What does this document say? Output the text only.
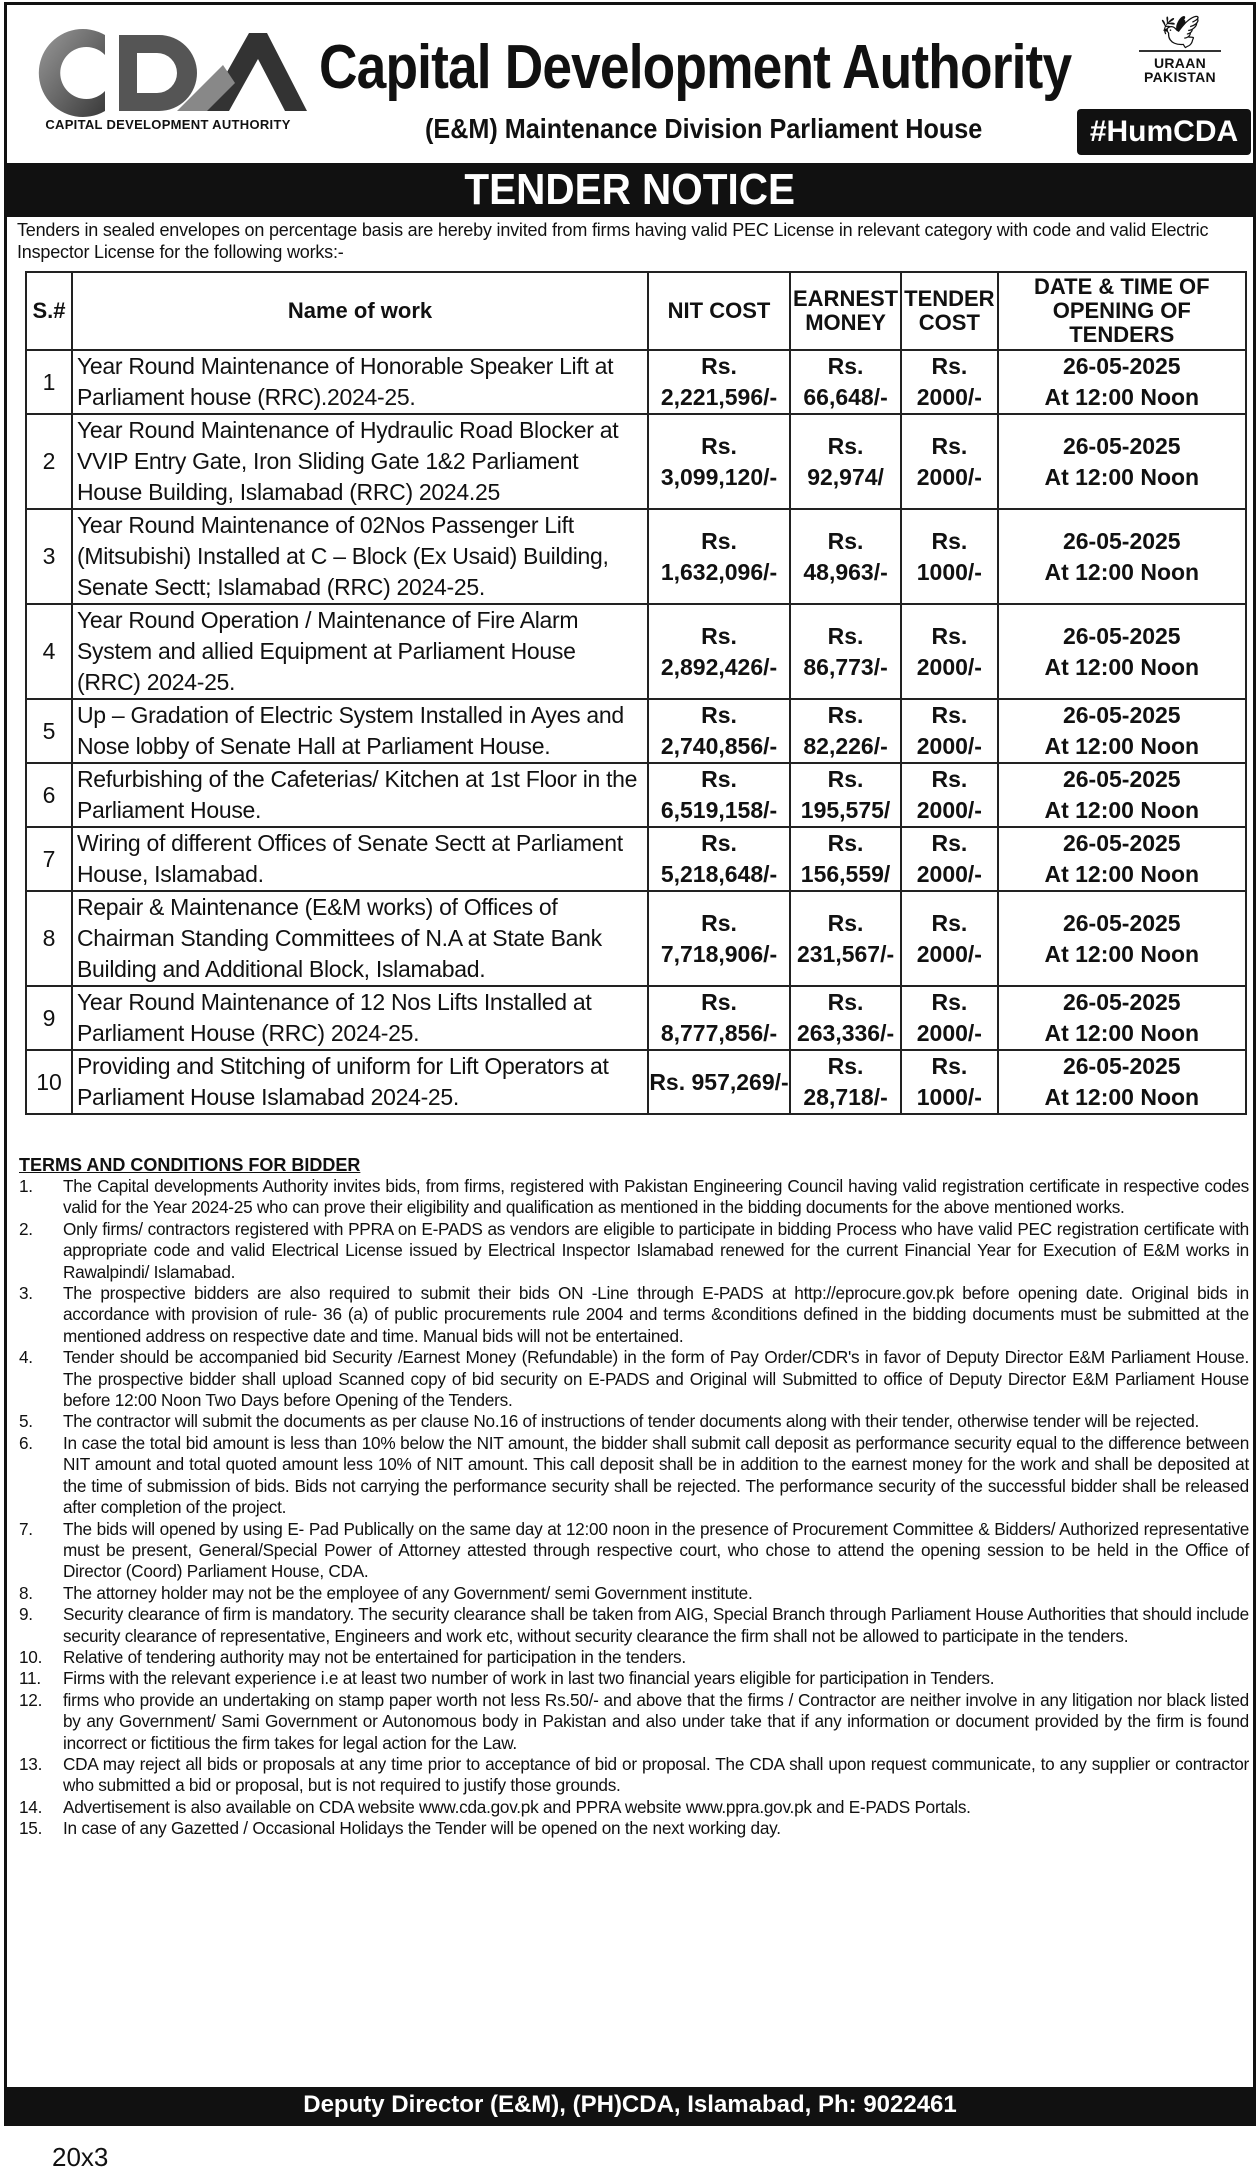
CAPITAL DEVELOPMENT AUTHORITY
Capital Development Authority
(E&M) Maintenance Division Parliament House
🕊
URAAN
PAKISTAN
#HumCDA
TENDER NOTICE
Tenders in sealed envelopes on percentage basis are hereby invited from firms having valid PEC License in relevant category with code and valid Electric Inspector License for the following works:-
S.#	Name of work	NIT COST	EARNEST MONEY	TENDER COST	DATE & TIME OF OPENING OF TENDERS
1	Year Round Maintenance of Honorable Speaker Lift at Parliament house (RRC).2024-25.	Rs. 2,221,596/-	Rs. 66,648/-	Rs. 2000/-	26-05-2025
At 12:00 Noon

2	Year Round Maintenance of Hydraulic Road Blocker at VVIP Entry Gate, Iron Sliding Gate 1&2 Parliament House Building, Islamabad (RRC) 2024.25	Rs. 3,099,120/-	Rs. 92,974/	Rs. 2000/-	26-05-2025
At 12:00 Noon

3	Year Round Maintenance of 02Nos Passenger Lift (Mitsubishi) Installed at C – Block (Ex Usaid) Building, Senate Sectt; Islamabad (RRC) 2024-25.	Rs. 1,632,096/-	Rs. 48,963/-	Rs. 1000/-	26-05-2025
At 12:00 Noon

4	Year Round Operation / Maintenance of Fire Alarm System and allied Equipment at Parliament House (RRC) 2024-25.	Rs. 2,892,426/-	Rs. 86,773/-	Rs. 2000/-	26-05-2025
At 12:00 Noon

5	Up – Gradation of Electric System Installed in Ayes and Nose lobby of Senate Hall at Parliament House.	Rs. 2,740,856/-	Rs. 82,226/-	Rs. 2000/-	26-05-2025
At 12:00 Noon

6	Refurbishing of the Cafeterias/ Kitchen at 1st Floor in the Parliament House.	Rs. 6,519,158/-	Rs. 195,575/	Rs. 2000/-	26-05-2025
At 12:00 Noon

7	Wiring of different Offices of Senate Sectt at Parliament House, Islamabad.	Rs. 5,218,648/-	Rs. 156,559/	Rs. 2000/-	26-05-2025
At 12:00 Noon

8	Repair & Maintenance (E&M works) of Offices of Chairman Standing Committees of N.A at State Bank Building and Additional Block, Islamabad.	Rs. 7,718,906/-	Rs. 231,567/-	Rs. 2000/-	26-05-2025
At 12:00 Noon

9	Year Round Maintenance of 12 Nos Lifts Installed at Parliament House (RRC) 2024-25.	Rs. 8,777,856/-	Rs. 263,336/-	Rs. 2000/-	26-05-2025
At 12:00 Noon

10	Providing and Stitching of uniform for Lift Operators at Parliament House Islamabad 2024-25.	Rs. 957,269/-	Rs. 28,718/-	Rs. 1000/-	26-05-2025
At 12:00 Noon
TERMS AND CONDITIONS FOR BIDDER
1. The Capital developments Authority invites bids, from firms, registered with Pakistan Engineering Council having valid registration certificate in respective codes valid for the Year 2024-25 who can prove their eligibility and qualification as mentioned in the bidding documents for the above mentioned works.
2. Only firms/ contractors registered with PPRA on E-PADS as vendors are eligible to participate in bidding Process who have valid PEC registration certificate with appropriate code and valid Electrical License issued by Electrical Inspector Islamabad renewed for the current Financial Year for Execution of E&M works in Rawalpindi/ Islamabad.
3. The prospective bidders are also required to submit their bids ON -Line through E-PADS at http://eprocure.gov.pk before opening date. Original bids in accordance with provision of rule- 36 (a) of public procurements rule 2004 and terms &conditions defined in the bidding documents must be submitted at the mentioned address on respective date and time. Manual bids will not be entertained.
4. Tender should be accompanied bid Security /Earnest Money (Refundable) in the form of Pay Order/CDR's in favor of Deputy Director E&M Parliament House. The prospective bidder shall upload Scanned copy of bid security on E-PADS and Original will Submitted to office of Deputy Director E&M Parliament House before 12:00 Noon Two Days before Opening of the Tenders.
5. The contractor will submit the documents as per clause No.16 of instructions of tender documents along with their tender, otherwise tender will be rejected.
6. In case the total bid amount is less than 10% below the NIT amount, the bidder shall submit call deposit as performance security equal to the difference between NIT amount and total quoted amount less 10% of NIT amount. This call deposit shall be in addition to the earnest money for the work and shall be deposited at the time of submission of bids. Bids not carrying the performance security shall be rejected. The performance security of the successful bidder shall be released after completion of the project.
7. The bids will opened by using E- Pad Publically on the same day at 12:00 noon in the presence of Procurement Committee & Bidders/ Authorized representative must be present, General/Special Power of Attorney attested through respective court, who chose to attend the opening session to be held in the Office of Director (Coord) Parliament House, CDA.
8. The attorney holder may not be the employee of any Government/ semi Government institute.
9. Security clearance of firm is mandatory. The security clearance shall be taken from AIG, Special Branch through Parliament House Authorities that should include security clearance of representative, Engineers and work etc, without security clearance the firm shall not be allowed to participate in the tenders.
10. Relative of tendering authority may not be entertained for participation in the tenders.
11. Firms with the relevant experience i.e at least two number of work in last two financial years eligible for participation in Tenders.
12. firms who provide an undertaking on stamp paper worth not less Rs.50/- and above that the firms / Contractor are neither involve in any litigation nor black listed by any Government/ Sami Government or Autonomous body in Pakistan and also under take that if any information or document provided by the firm is found incorrect or fictitious the firm takes for legal action for the Law.
13. CDA may reject all bids or proposals at any time prior to acceptance of bid or proposal. The CDA shall upon request communicate, to any supplier or contractor who submitted a bid or proposal, but is not required to justify those grounds.
14. Advertisement is also available on CDA website www.cda.gov.pk and PPRA website www.ppra.gov.pk and E-PADS Portals.
15. In case of any Gazetted / Occasional Holidays the Tender will be opened on the next working day.
Deputy Director (E&M), (PH)CDA, Islamabad, Ph: 9022461
20x3
